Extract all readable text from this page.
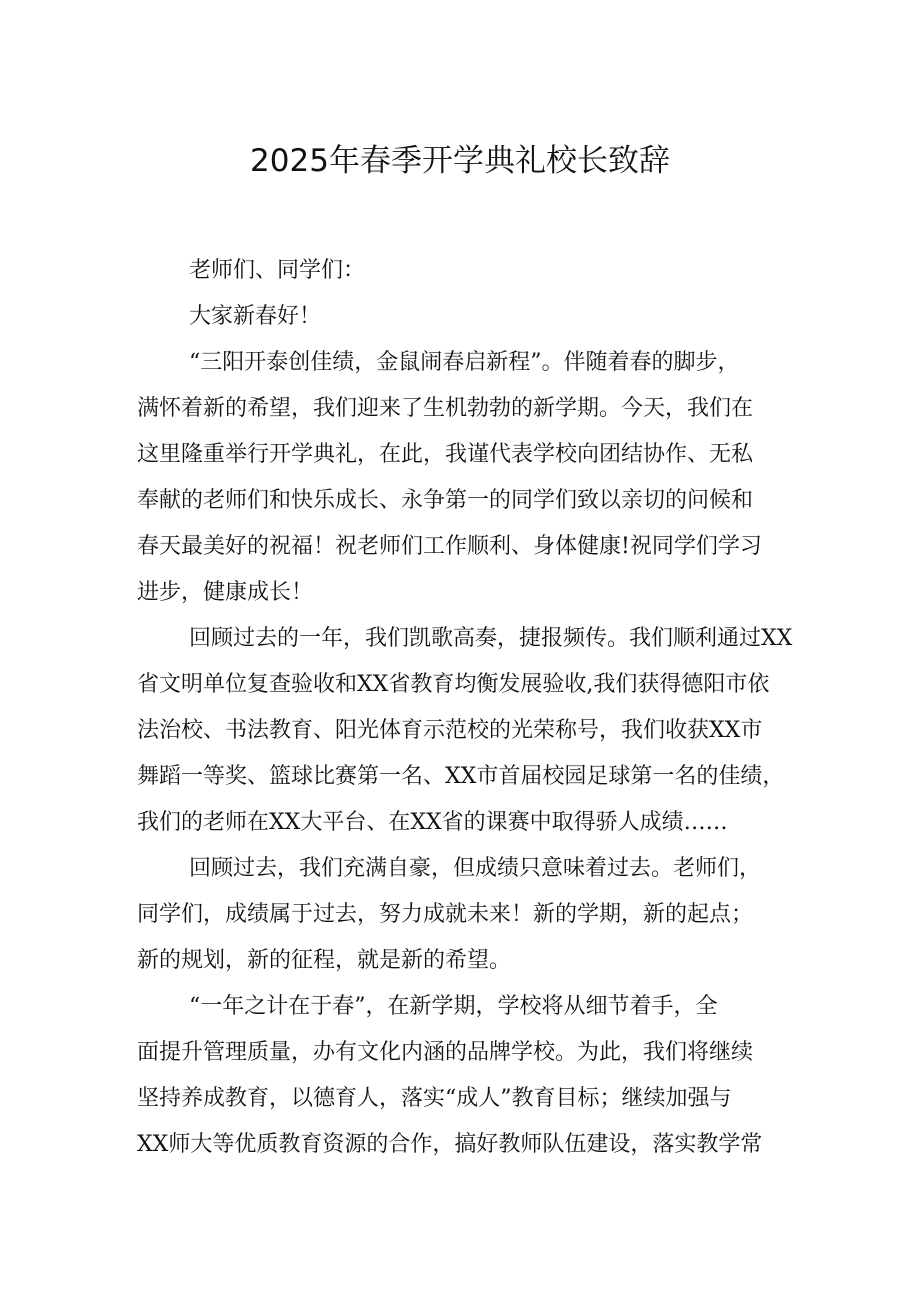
2025年春季开学典礼校长致辞
老师们、同学们：
大家新春好！
“三阳开泰创佳绩，金鼠闹春启新程”。伴随着春的脚步，
满怀着新的希望，我们迎来了生机勃勃的新学期。今天，我们在
这里隆重举行开学典礼，在此，我谨代表学校向团结协作、无私
奉献的老师们和快乐成长、永争第一的同学们致以亲切的问候和
春天最美好的祝福！祝老师们工作顺利、身体健康!祝同学们学习
进步，健康成长！
回顾过去的一年，我们凯歌高奏，捷报频传。我们顺利通过XX
省文明单位复查验收和XX省教育均衡发展验收,我们获得德阳市依
法治校、书法教育、阳光体育示范校的光荣称号，我们收获XX市
舞蹈一等奖、篮球比赛第一名、XX市首届校园足球第一名的佳绩，
我们的老师在XX大平台、在XX省的课赛中取得骄人成绩……
回顾过去，我们充满自豪，但成绩只意味着过去。老师们，
同学们，成绩属于过去，努力成就未来！新的学期，新的起点；
新的规划，新的征程，就是新的希望。
“一年之计在于春”，在新学期，学校将从细节着手，全
面提升管理质量，办有文化内涵的品牌学校。为此，我们将继续
坚持养成教育，以德育人，落实“成人”教育目标；继续加强与
XX师大等优质教育资源的合作，搞好教师队伍建设，落实教学常
